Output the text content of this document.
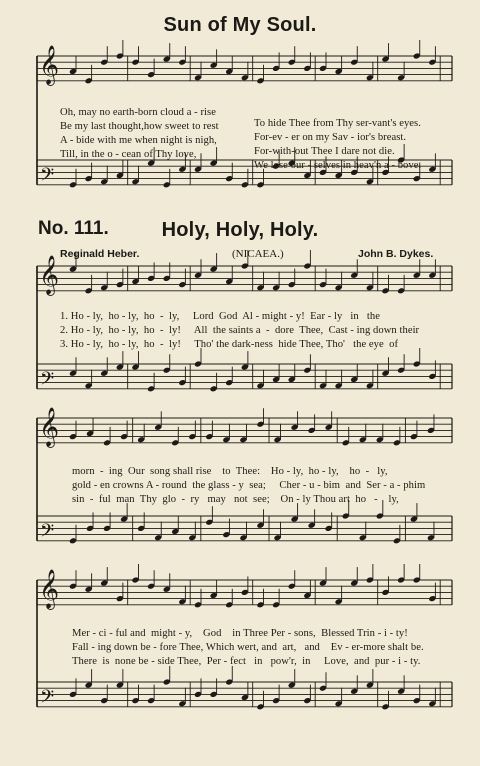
Sun of My Soul.
𝄞
𝄢
𝄞
𝄢
𝄞
𝄢
𝄞
𝄢

Oh, may no earth-born cloud a - rise

To hide Thee from Thy ser-vant's eyes.

Be my last thought,how sweet to rest

For-ev - er on my Sav - ior's breast.

A - bide with me when night is nigh,

For-with-out Thee I dare not die.

Till, in the o - cean of Thy love,

We lose our - selves in heav'n a - bove.

No. 111.	Holy, Holy, Holy.
Reginald Heber.	(NICAEA.)	John B. Dykes.
1. Ho - ly,  ho - ly,  ho  -  ly,     Lord  God  Al - might - y!  Ear - ly   in   the
2. Ho - ly,  ho - ly,  ho  -  ly!     All  the saints a  -  dore  Thee,  Cast - ing down their
3. Ho - ly,  ho - ly,  ho  -  ly!     Tho' the dark-ness  hide Thee, Tho'   the eye  of
morn  -  ing  Our  song shall rise    to  Thee:    Ho - ly,  ho - ly,    ho  -   ly,
gold - en crowns A - round  the glass - y  sea;     Cher - u - bim  and  Ser - a - phim
sin  -  ful  man  Thy  glo  -  ry   may   not  see;    On - ly Thou art  ho   -    ly,
Mer - ci - ful and  might - y,    God    in Three Per - sons,  Blessed Trin - i - ty!
Fall - ing down be - fore Thee, Which wert, and  art,   and    Ev - er-more shalt be.
There  is  none be - side Thee,  Per - fect   in   pow'r,  in     Love,  and  pur - i - ty.
